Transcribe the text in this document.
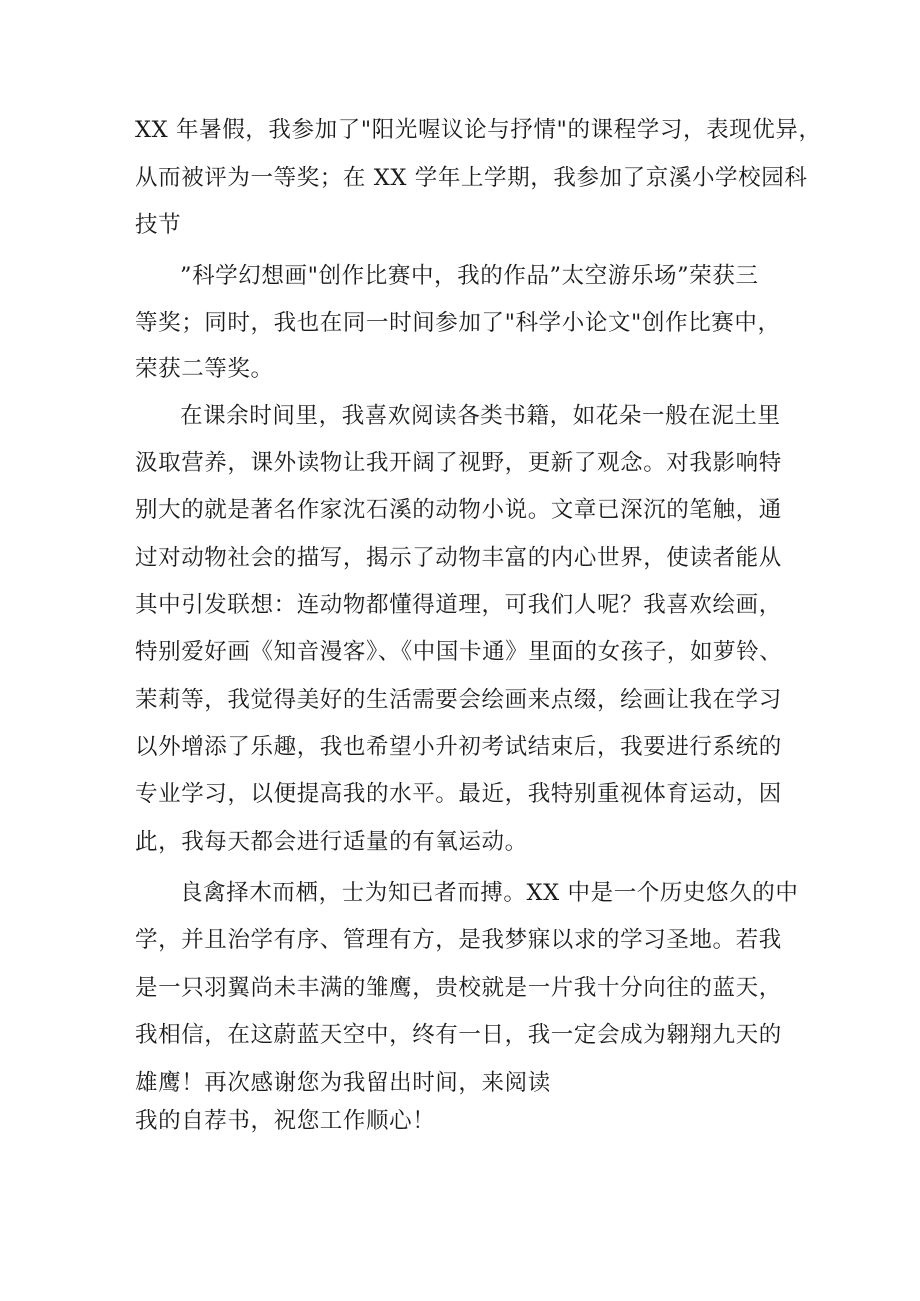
XX 年暑假，我参加了"阳光喔议论与抒情"的课程学习，表现优异，
从而被评为一等奖；在 XX 学年上学期，我参加了京溪小学校园科
技节
”科学幻想画"创作比赛中，我的作品”太空游乐场”荣获三
等奖；同时，我也在同一时间参加了"科学小论文"创作比赛中，
荣获二等奖。
在课余时间里，我喜欢阅读各类书籍，如花朵一般在泥土里
汲取营养，课外读物让我开阔了视野，更新了观念。对我影响特
别大的就是著名作家沈石溪的动物小说。文章已深沉的笔触，通
过对动物社会的描写，揭示了动物丰富的内心世界，使读者能从
其中引发联想：连动物都懂得道理，可我们人呢？我喜欢绘画，
特别爱好画《知音漫客》、《中国卡通》里面的女孩子，如萝铃、
茉莉等，我觉得美好的生活需要会绘画来点缀，绘画让我在学习
以外增添了乐趣，我也希望小升初考试结束后，我要进行系统的
专业学习，以便提高我的水平。最近，我特别重视体育运动，因
此，我每天都会进行适量的有氧运动。
良禽择木而栖，士为知已者而搏。XX 中是一个历史悠久的中
学，并且治学有序、管理有方，是我梦寐以求的学习圣地。若我
是一只羽翼尚未丰满的雏鹰，贵校就是一片我十分向往的蓝天，
我相信，在这蔚蓝天空中，终有一日，我一定会成为翱翔九天的
雄鹰！再次感谢您为我留出时间，来阅读
我的自荐书，祝您工作顺心！
